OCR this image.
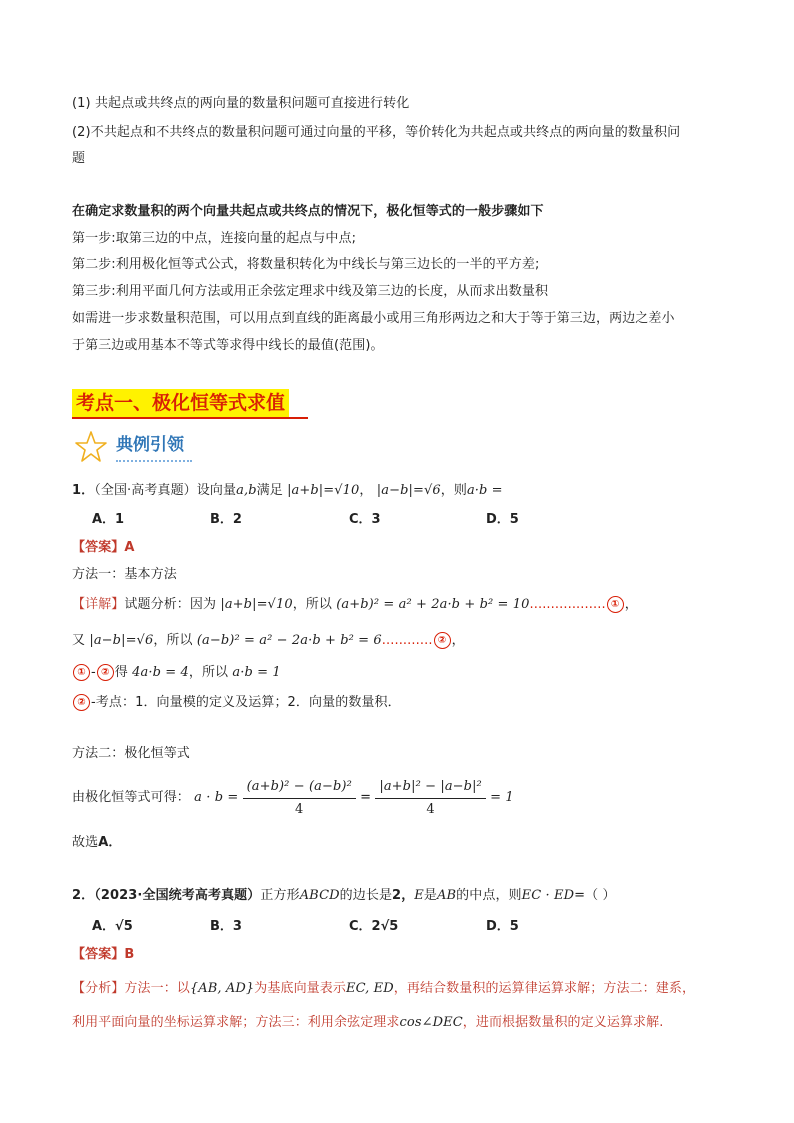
(1) 共起点或共终点的两向量的数量积问题可直接进行转化
(2)不共起点和不共终点的数量积问题可通过向量的平移，等价转化为共起点或共终点的两向量的数量积问
题
在确定求数量积的两个向量共起点或共终点的情况下，极化恒等式的一般步骤如下
第一步:取第三边的中点，连接向量的起点与中点;
第二步:利用极化恒等式公式，将数量积转化为中线长与第三边长的一半的平方差;
第三步:利用平面几何方法或用正余弦定理求中线及第三边的长度，从而求出数量积
如需进一步求数量积范围，可以用点到直线的距离最小或用三角形两边之和大于等于第三边，两边之差小
于第三边或用基本不等式等求得中线长的最值(范围)。
考点一、极化恒等式求值
典例引领
1．（全国·高考真题）设向量a,b满足 |a+b|=√10， |a−b|=√6，则a·b =
A．1	B．2	C．3	D．5
【答案】A
方法一：基本方法
【详解】试题分析：因为 |a+b|=√10，所以 (a+b)² = a² + 2a·b + b² = 10.................. ① ，
又 |a−b|=√6，所以 (a−b)² = a² − 2a·b + b² = 6............ ② ，
① - ② 得 4a·b = 4，所以 a·b = 1
② -考点：1．向量模的定义及运算；2．向量的数量积．
方法二：极化恒等式
由极化恒等式可得： $a \cdot b = \frac{\text{(a+b)² − (a−b)²}}{4} = \frac{\text{|a+b|² − |a−b|²}}{4} = 1$
故选A．
2．（2023·全国统考高考真题）正方形ABCD的边长是2，E是AB的中点，则EC · ED=（ ）
A．√5	B．3	C．2√5	D．5
【答案】B
【分析】方法一：以{AB, AD}为基底向量表示EC, ED，再结合数量积的运算律运算求解；方法二：建系，
利用平面向量的坐标运算求解；方法三：利用余弦定理求cos∠DEC，进而根据数量积的定义运算求解.
